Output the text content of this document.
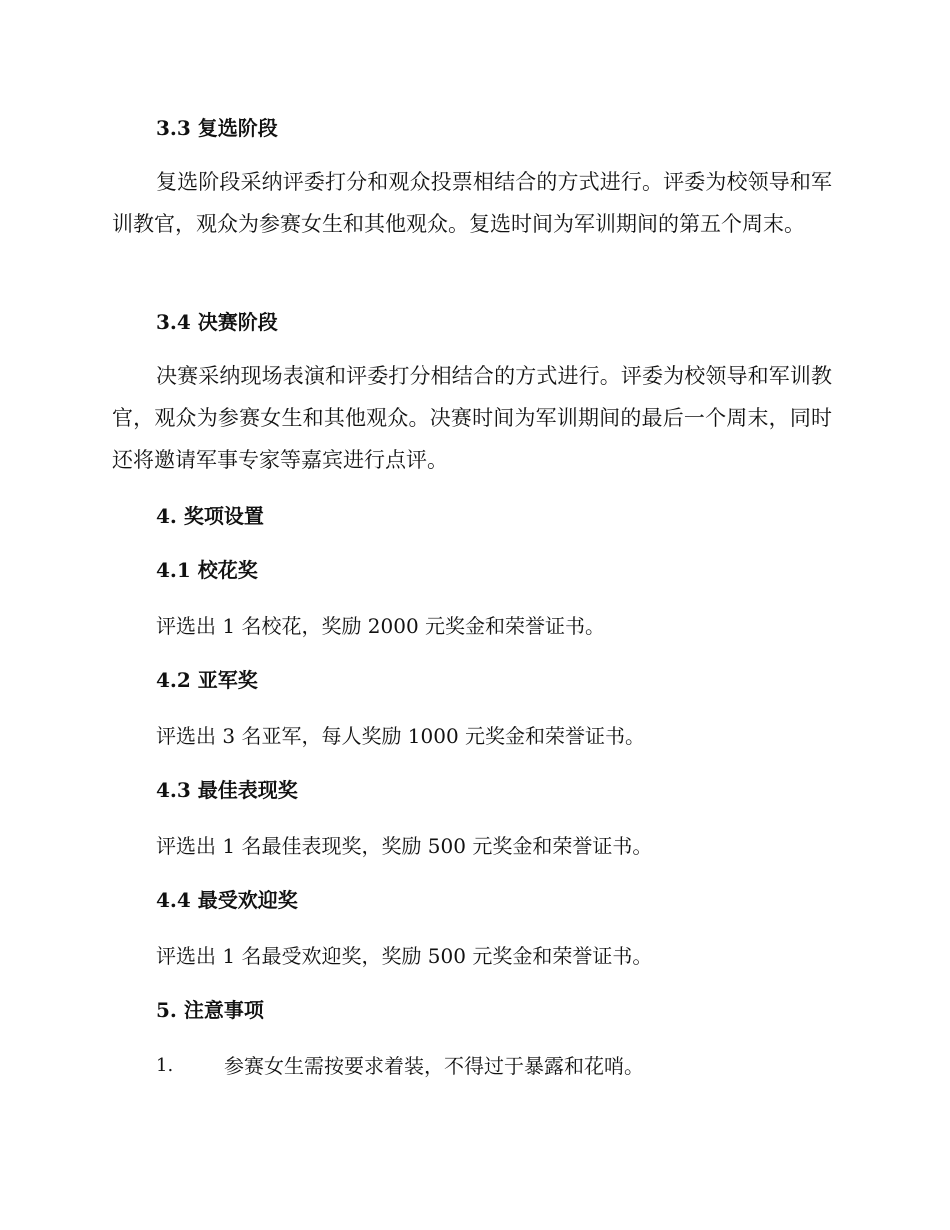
3.3 复选阶段
复选阶段采纳评委打分和观众投票相结合的方式进行。评委为校领导和军训教官，观众为参赛女生和其他观众。复选时间为军训期间的第五个周末。
3.4 决赛阶段
决赛采纳现场表演和评委打分相结合的方式进行。评委为校领导和军训教官，观众为参赛女生和其他观众。决赛时间为军训期间的最后一个周末，同时还将邀请军事专家等嘉宾进行点评。
4. 奖项设置
4.1 校花奖
评选出 1 名校花，奖励 2000 元奖金和荣誉证书。
4.2 亚军奖
评选出 3 名亚军，每人奖励 1000 元奖金和荣誉证书。
4.3 最佳表现奖
评选出 1 名最佳表现奖，奖励 500 元奖金和荣誉证书。
4.4 最受欢迎奖
评选出 1 名最受欢迎奖，奖励 500 元奖金和荣誉证书。
5. 注意事项
1.	参赛女生需按要求着装，不得过于暴露和花哨。
